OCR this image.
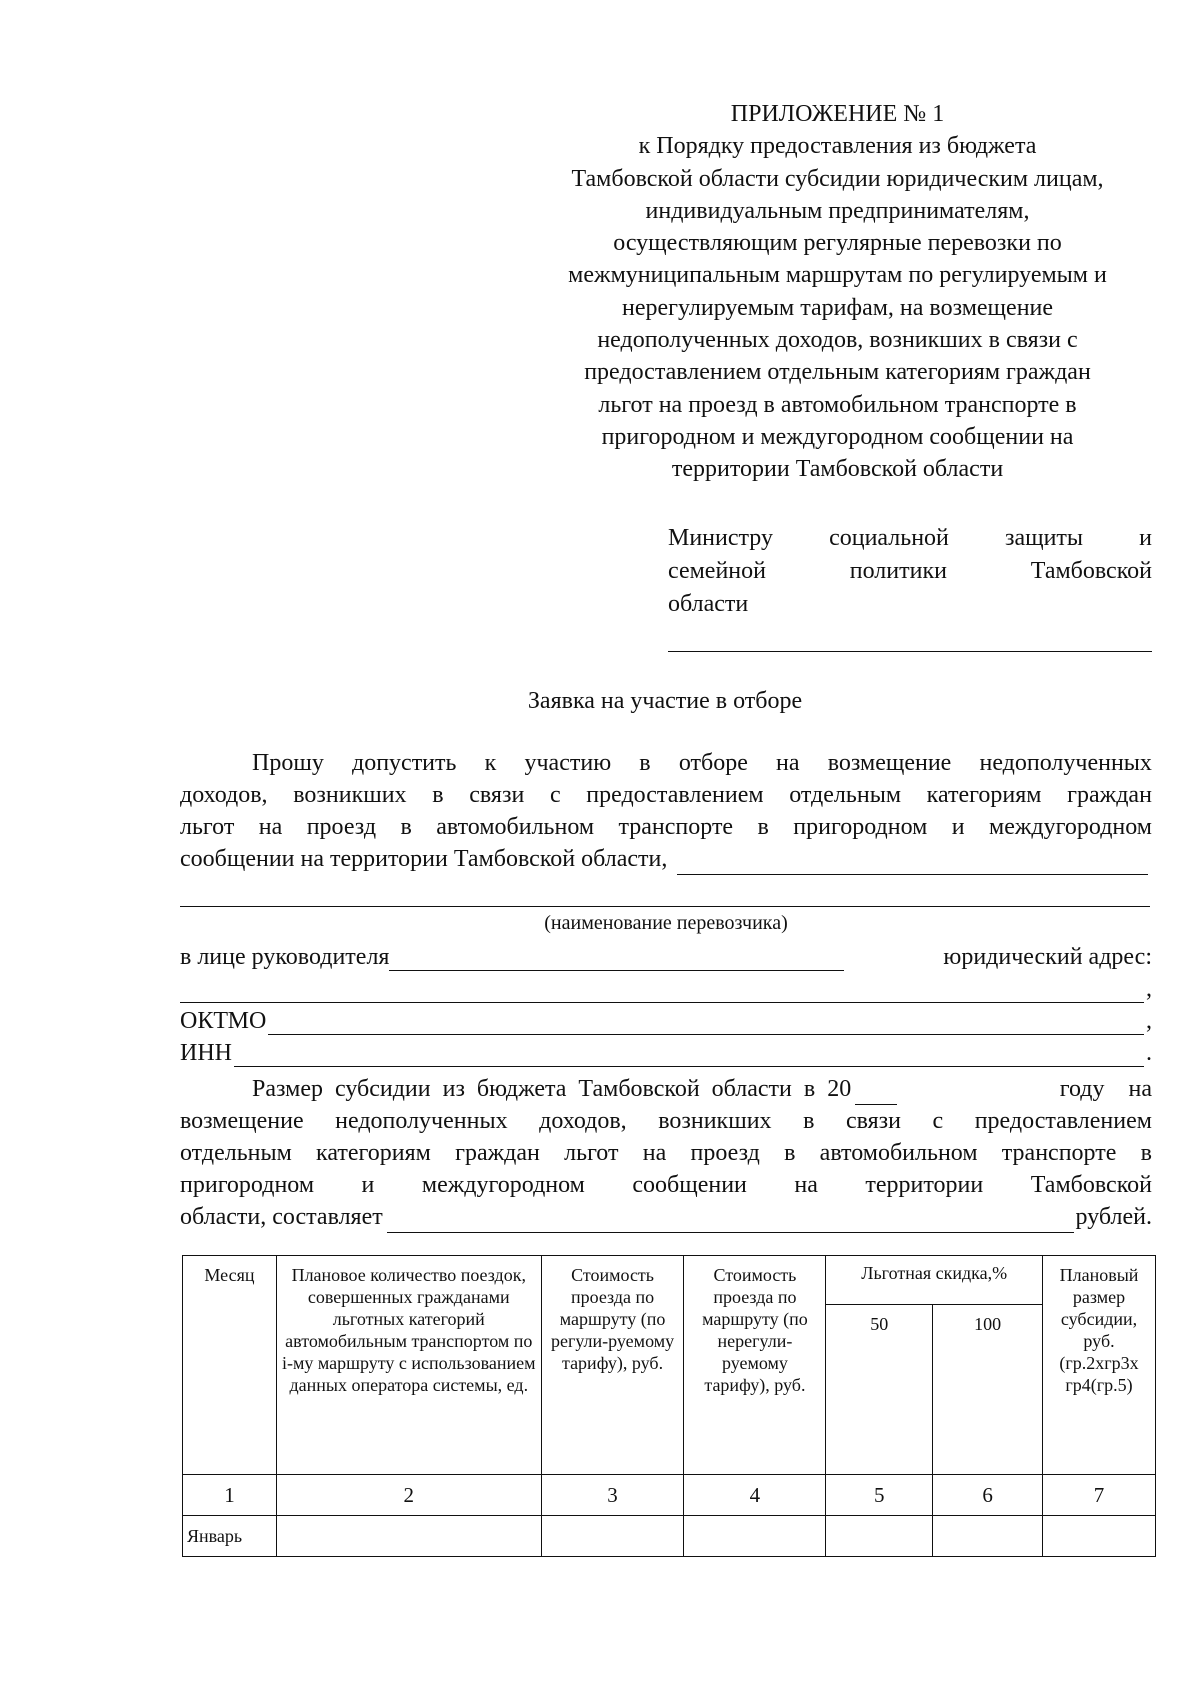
ПРИЛОЖЕНИЕ № 1
к Порядку предоставления из бюджета
Тамбовской области субсидии юридическим лицам,
индивидуальным предпринимателям,
осуществляющим регулярные перевозки по
межмуниципальным маршрутам по регулируемым и
нерегулируемым тарифам, на возмещение
недополученных доходов, возникших в связи с
предоставлением отдельным категориям граждан
льгот на проезд в автомобильном транспорте в
пригородном и междугородном сообщении на
территории Тамбовской области
Министру социальной защиты и
семейной	политики	Тамбовской
области
Заявка на участие в отборе
Прошу допустить к участию в отборе на возмещение недополученных
доходов, возникших в связи с предоставлением отдельным категориям граждан
льгот на проезд в автомобильном транспорте в пригородном и междугородном
сообщении на территории Тамбовской области,
(наименование перевозчика)
в лице руководителя	юридический адрес:
,
ОКТМО	,
ИНН	.
Размер субсидии из бюджета Тамбовской области в 20	году на
возмещение недополученных доходов, возникших в связи с предоставлением
отдельным категориям граждан льгот на проезд в автомобильном транспорте в
пригородном и междугородном сообщении на территории Тамбовской
области, составляет	рублей.
Месяц	Плановое количество поездок, совершенных гражданами льготных категорий автомобильным транспортом по i-му маршруту с использованием данных оператора системы, ед.	Стоимость проезда по маршруту (по регули-руемому тарифу), руб.	Стоимость проезда по маршруту (по нерегули-руемому тарифу), руб.	Льготная скидка,%		Плановый размер субсидии, руб. (гр.2хгр3х гр4(гр.5)
				50	100	
1	2	3	4	5	6	7
Январь						
